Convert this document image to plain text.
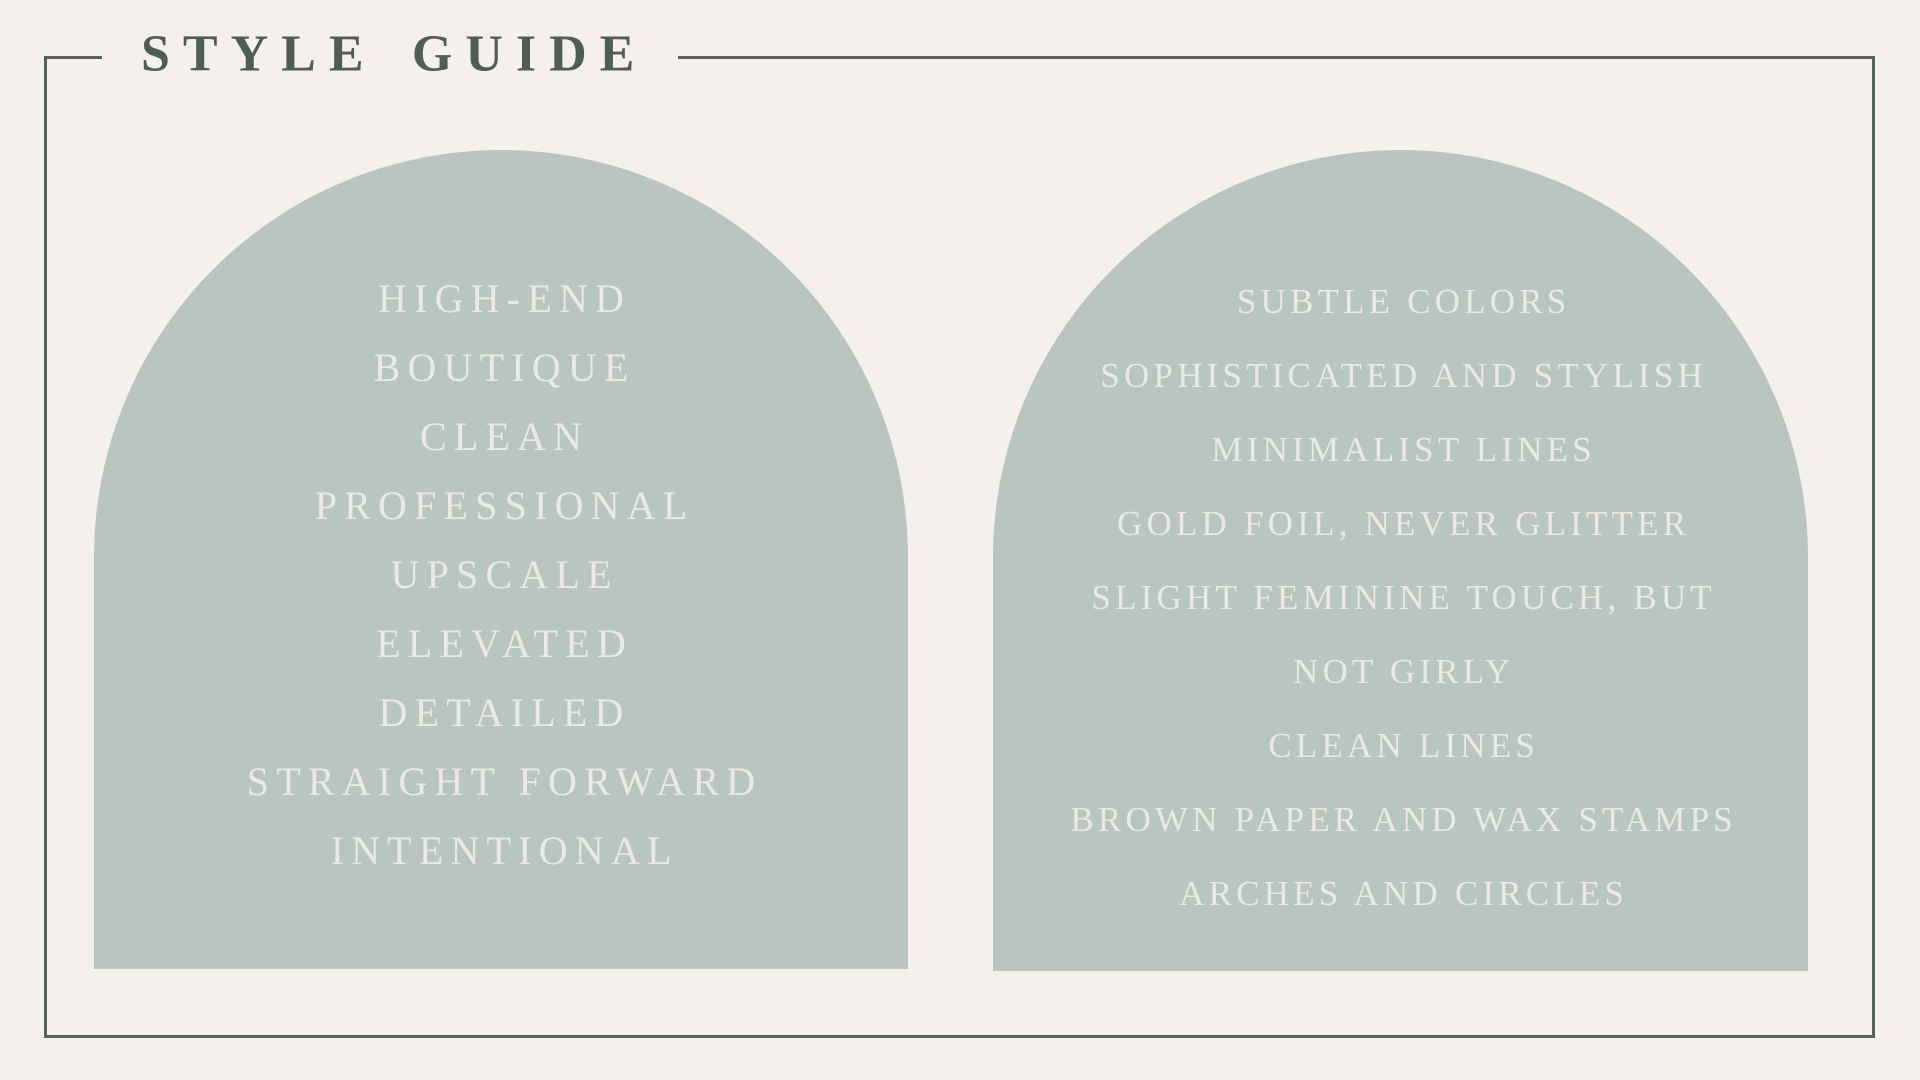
STYLE GUIDE
HIGH-END
BOUTIQUE
CLEAN
PROFESSIONAL
UPSCALE
ELEVATED
DETAILED
STRAIGHT FORWARD
INTENTIONAL
SUBTLE COLORS
SOPHISTICATED AND STYLISH
MINIMALIST LINES
GOLD FOIL, NEVER GLITTER
SLIGHT FEMININE TOUCH, BUT
NOT GIRLY
CLEAN LINES
BROWN PAPER AND WAX STAMPS
ARCHES AND CIRCLES
